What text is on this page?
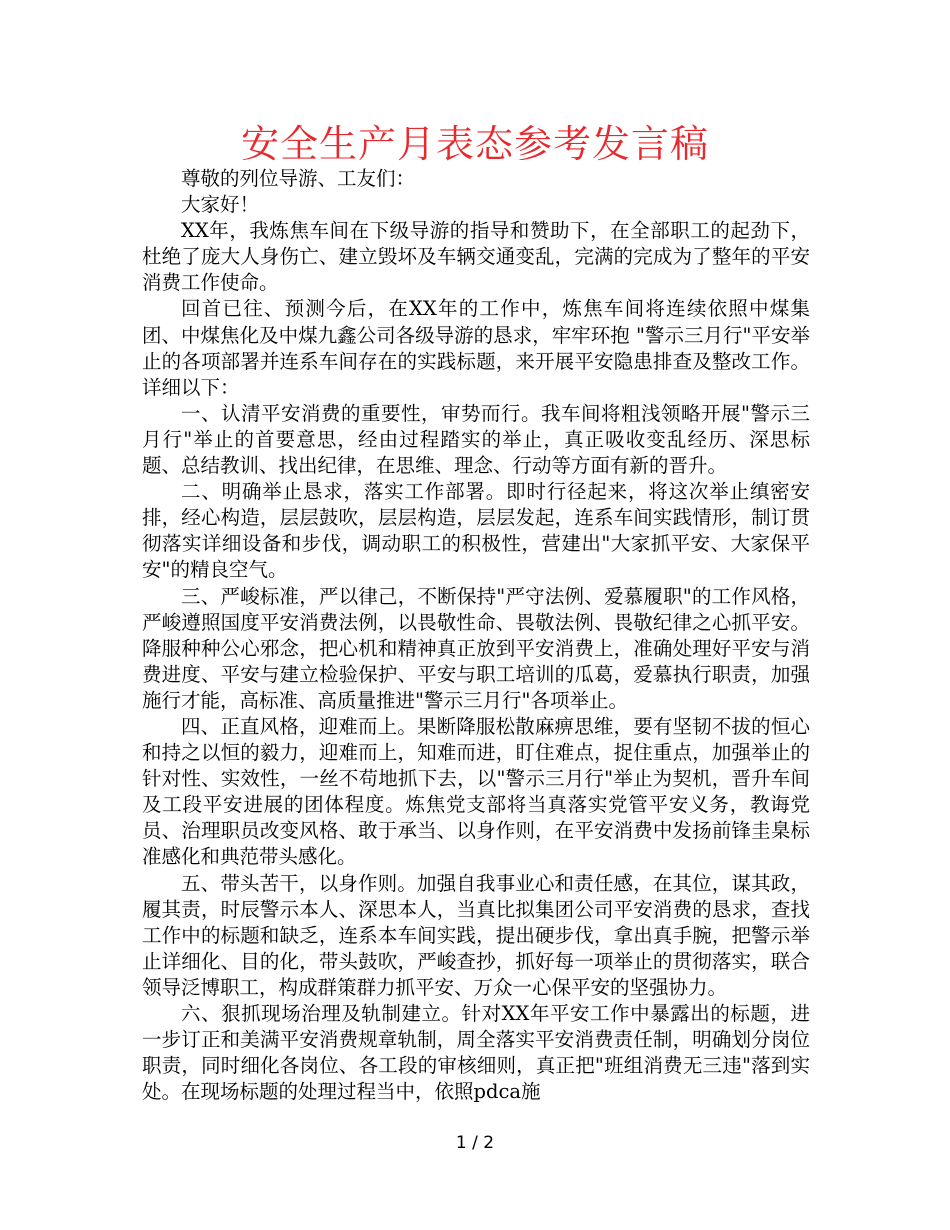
安全生产月表态参考发言稿

尊敬的列位导游、工友们：

大家好！

XX年，我炼焦车间在下级导游的指导和赞助下，在全部职工的起劲下，杜绝了庞大人身伤亡、建立毁坏及车辆交通变乱，完满的完成为了整年的平安消费工作使命。

回首已往、预测今后，在XX年的工作中，炼焦车间将连续依照中煤集团、中煤焦化及中煤九鑫公司各级导游的恳求，牢牢环抱 "警示三月行"平安举止的各项部署并连系车间存在的实践标题，来开展平安隐患排查及整改工作。详细以下：

一、认清平安消费的重要性，审势而行。我车间将粗浅领略开展"警示三月行"举止的首要意思，经由过程踏实的举止，真正吸收变乱经历、深思标题、总结教训、找出纪律，在思维、理念、行动等方面有新的晋升。

二、明确举止恳求，落实工作部署。即时行径起来，将这次举止缜密安排，经心构造，层层鼓吹，层层构造，层层发起，连系车间实践情形，制订贯彻落实详细设备和步伐，调动职工的积极性，营建出"大家抓平安、大家保平安"的精良空气。

三、严峻标准，严以律己，不断保持"严守法例、爱慕履职"的工作风格，严峻遵照国度平安消费法例，以畏敬性命、畏敬法例、畏敬纪律之心抓平安。降服种种公心邪念，把心机和精神真正放到平安消费上，准确处理好平安与消费进度、平安与建立检验保护、平安与职工培训的瓜葛，爱慕执行职责，加强施行才能，高标准、高质量推进"警示三月行"各项举止。

四、正直风格，迎难而上。果断降服松散麻痹思维，要有坚韧不拔的恒心和持之以恒的毅力，迎难而上，知难而进，盯住难点，捉住重点，加强举止的针对性、实效性，一丝不苟地抓下去，以"警示三月行"举止为契机，晋升车间及工段平安进展的团体程度。炼焦党支部将当真落实党管平安义务，教诲党员、治理职员改变风格、敢于承当、以身作则，在平安消费中发扬前锋圭臬标准感化和典范带头感化。

五、带头苦干，以身作则。加强自我事业心和责任感，在其位，谋其政，履其责，时辰警示本人、深思本人，当真比拟集团公司平安消费的恳求，查找工作中的标题和缺乏，连系本车间实践，提出硬步伐，拿出真手腕，把警示举止详细化、目的化，带头鼓吹，严峻查抄，抓好每一项举止的贯彻落实，联合领导泛博职工，构成群策群力抓平安、万众一心保平安的坚强协力。

六、狠抓现场治理及轨制建立。针对XX年平安工作中暴露出的标题，进一步订正和美满平安消费规章轨制，周全落实平安消费责任制，明确划分岗位职责，同时细化各岗位、各工段的审核细则，真正把"班组消费无三违"落到实处。在现场标题的处理过程当中，依照pdca施

1 / 2
